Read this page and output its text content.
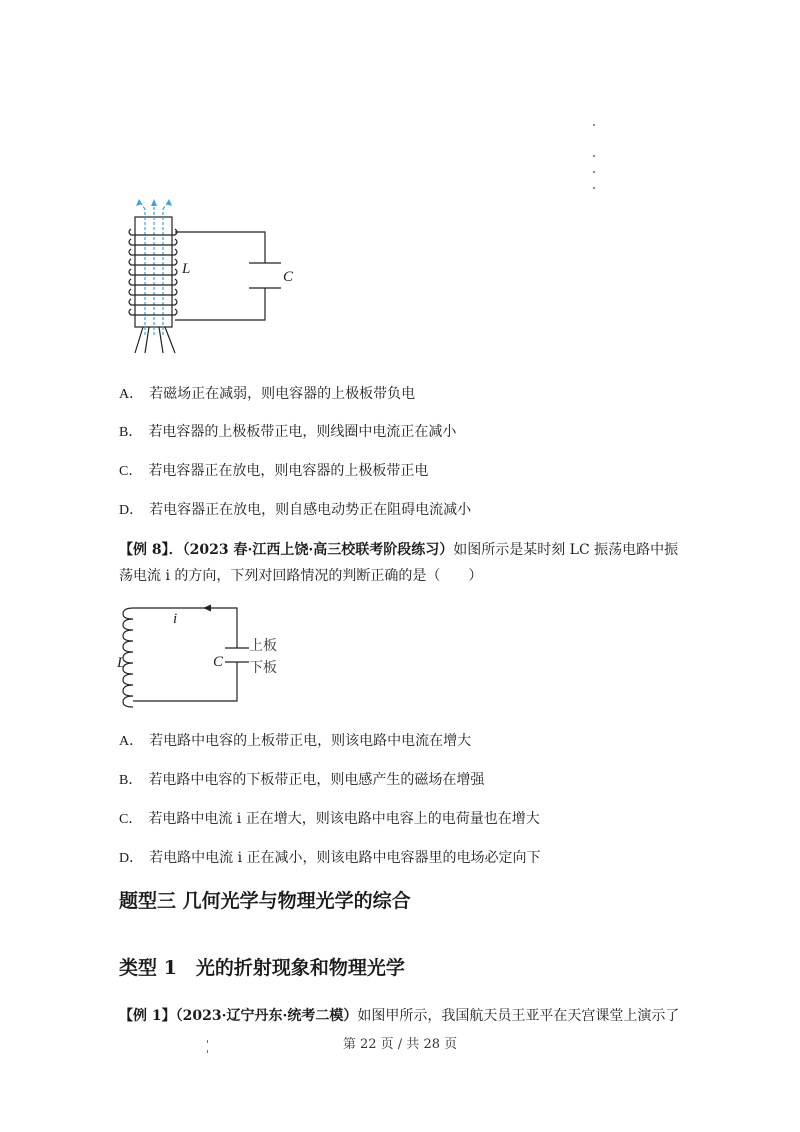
L	C
A． 若磁场正在减弱，则电容器的上极板带负电
B． 若电容器的上极板带正电，则线圈中电流正在减小
C． 若电容器正在放电，则电容器的上极板带正电
D． 若电容器正在放电，则自感电动势正在阻碍电流减小
【例 8】．（2023 春·江西上饶·高三校联考阶段练习）如图所示是某时刻 LC 振荡电路中振
荡电流 i 的方向，下列对回路情况的判断正确的是（　　）
i
L	C
上板
下板
A． 若电路中电容的上板带正电，则该电路中电流在增大
B． 若电路中电容的下板带正电，则电感产生的磁场在增强
C． 若电路中电流 i 正在增大，则该电路中电容上的电荷量也在增大
D． 若电路中电流 i 正在减小，则该电路中电容器里的电场必定向下
题型三 几何光学与物理光学的综合
类型 1　光的折射现象和物理光学
【例 1】（2023·辽宁丹东·统考二模）如图甲所示，我国航天员王亚平在天宫课堂上演示了
第 22 页 / 共 28 页
